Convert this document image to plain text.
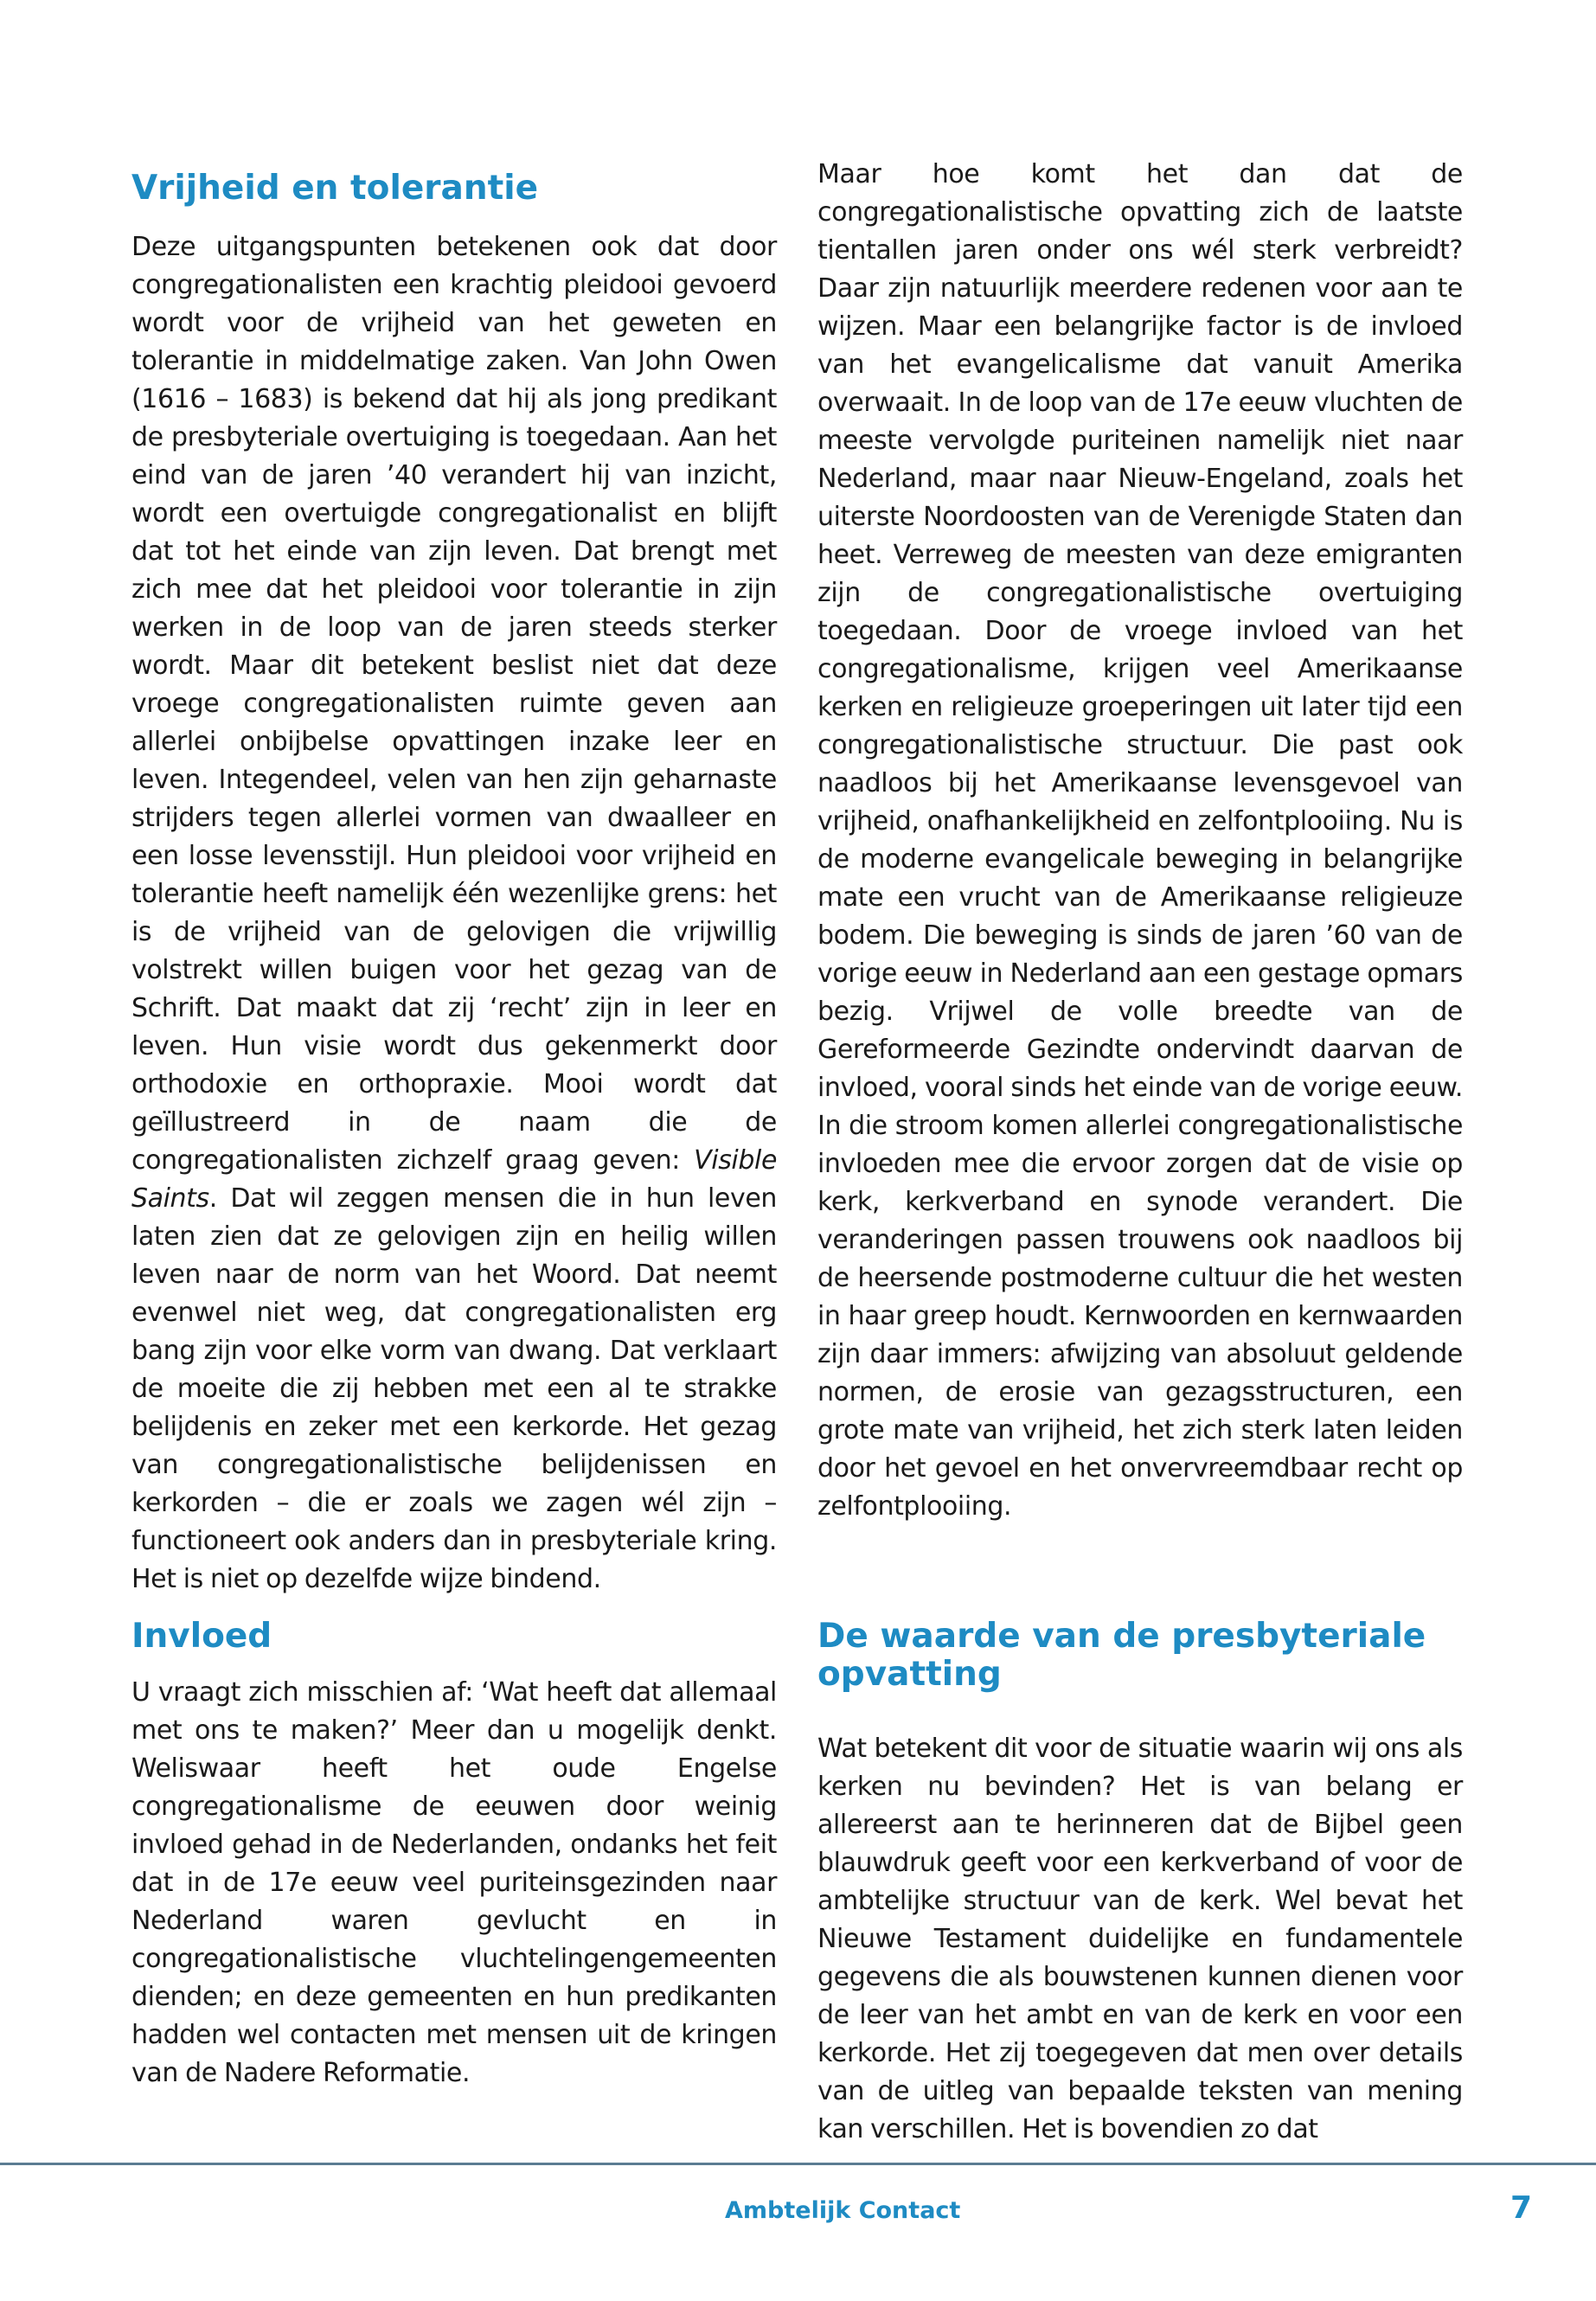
Vrijheid en tolerantie

Deze uitgangspunten betekenen ook dat door congregationalisten een krachtig pleidooi gevoerd wordt voor de vrijheid van het geweten en tolerantie in middelmatige zaken. Van John Owen (1616 – 1683) is bekend dat hij als jong predikant de presbyteriale overtuiging is toegedaan. Aan het eind van de jaren ’40 verandert hij van inzicht, wordt een overtuigde congregationalist en blijft dat tot het einde van zijn leven. Dat brengt met zich mee dat het pleidooi voor tolerantie in zijn werken in de loop van de jaren steeds sterker wordt. Maar dit betekent beslist niet dat deze vroege congregationalisten ruimte geven aan allerlei onbijbelse opvattingen inzake leer en leven. Integendeel, velen van hen zijn geharnaste strijders tegen allerlei vormen van dwaalleer en een losse levensstijl. Hun pleidooi voor vrijheid en tolerantie heeft namelijk één wezenlijke grens: het is de vrijheid van de gelovigen die vrijwillig volstrekt willen buigen voor het gezag van de Schrift. Dat maakt dat zij ‘recht’ zijn in leer en leven. Hun visie wordt dus gekenmerkt door orthodoxie en orthopraxie. Mooi wordt dat geïllustreerd in de naam die de congregationalisten zichzelf graag geven: Visible Saints. Dat wil zeggen mensen die in hun leven laten zien dat ze gelovigen zijn en heilig willen leven naar de norm van het Woord. Dat neemt evenwel niet weg, dat congregationalisten erg bang zijn voor elke vorm van dwang. Dat verklaart de moeite die zij hebben met een al te strakke belijdenis en zeker met een kerkorde. Het gezag van congregationalistische belijdenissen en kerkorden – die er zoals we zagen wél zijn – functioneert ook anders dan in presbyteriale kring. Het is niet op dezelfde wijze bindend.

Invloed

U vraagt zich misschien af: ‘Wat heeft dat allemaal met ons te maken?’ Meer dan u mogelijk denkt. Weliswaar heeft het oude Engelse congregationalisme de eeuwen door weinig invloed gehad in de Nederlanden, ondanks het feit dat in de 17e eeuw veel puriteinsgezinden naar Nederland waren gevlucht en in congregationalistische vluchtelingengemeenten dienden; en deze gemeenten en hun predikanten hadden wel contacten met mensen uit de kringen van de Nadere Reformatie.

Maar hoe komt het dan dat de congregationalistische opvatting zich de laatste tientallen jaren onder ons wél sterk verbreidt? Daar zijn natuurlijk meerdere redenen voor aan te wijzen. Maar een belangrijke factor is de invloed van het evangelicalisme dat vanuit Amerika overwaait. In de loop van de 17e eeuw vluchten de meeste vervolgde puriteinen namelijk niet naar Nederland, maar naar Nieuw-Engeland, zoals het uiterste Noordoosten van de Verenigde Staten dan heet. Verreweg de meesten van deze emigranten zijn de congregationalistische overtuiging toegedaan. Door de vroege invloed van het congregationalisme, krijgen veel Amerikaanse kerken en religieuze groeperingen uit later tijd een congregationalistische structuur. Die past ook naadloos bij het Amerikaanse levensgevoel van vrijheid, onafhankelijkheid en zelfontplooiing. Nu is de moderne evangelicale beweging in belangrijke mate een vrucht van de Amerikaanse religieuze bodem. Die beweging is sinds de jaren ’60 van de vorige eeuw in Nederland aan een gestage opmars bezig. Vrijwel de volle breedte van de Gereformeerde Gezindte ondervindt daarvan de invloed, vooral sinds het einde van de vorige eeuw. In die stroom komen allerlei congregationalistische invloeden mee die ervoor zorgen dat de visie op kerk, kerkverband en synode verandert. Die veranderingen passen trouwens ook naadloos bij de heersende postmoderne cultuur die het westen in haar greep houdt. Kernwoorden en kernwaarden zijn daar immers: afwijzing van absoluut geldende normen, de erosie van gezagsstructuren, een grote mate van vrijheid, het zich sterk laten leiden door het gevoel en het onvervreemdbaar recht op zelfontplooiing.

De waarde van de presbyteriale opvatting

Wat betekent dit voor de situatie waarin wij ons als kerken nu bevinden? Het is van belang er allereerst aan te herinneren dat de Bijbel geen blauwdruk geeft voor een kerkverband of voor de ambtelijke structuur van de kerk. Wel bevat het Nieuwe Testament duidelijke en fundamentele gegevens die als bouwstenen kunnen dienen voor de leer van het ambt en van de kerk en voor een kerkorde. Het zij toegegeven dat men over details van de uitleg van bepaalde teksten van mening kan verschillen. Het is bovendien zo dat

Ambtelijk Contact	7
